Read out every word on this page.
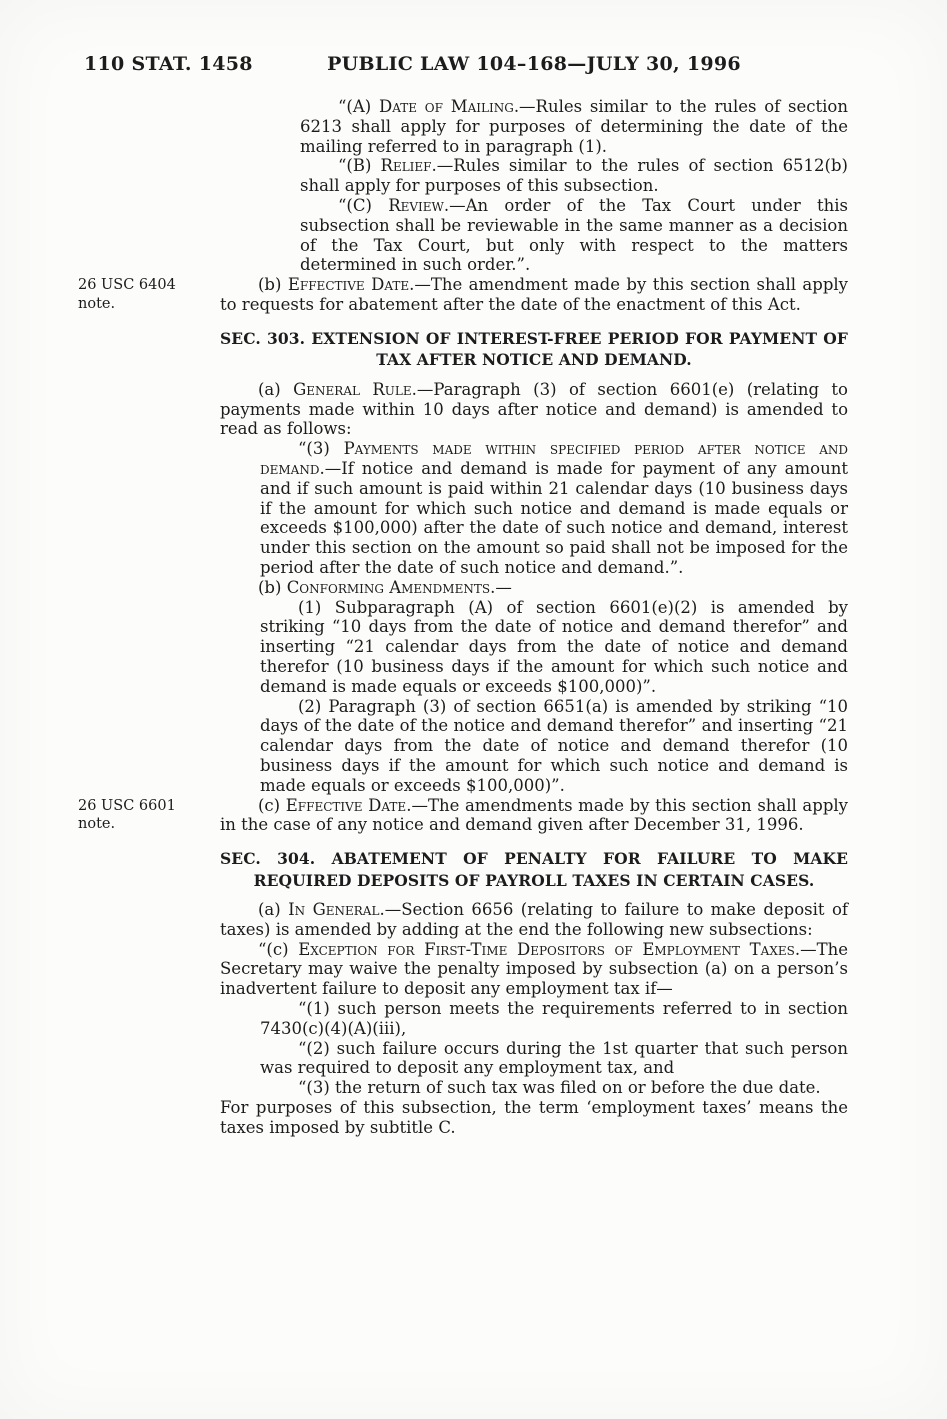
110 STAT. 1458	PUBLIC LAW 104–168—JULY 30, 1996

“(A) Date of Mailing.—Rules similar to the rules of section 6213 shall apply for purposes of determining the date of the mailing referred to in paragraph (1).

“(B) Relief.—Rules similar to the rules of section 6512(b) shall apply for purposes of this subsection.

“(C) Review.—An order of the Tax Court under this subsection shall be reviewable in the same manner as a decision of the Tax Court, but only with respect to the matters determined in such order.”.

26 USC 6404 note.
(b) Effective Date.—The amendment made by this section shall apply to requests for abatement after the date of the enactment of this Act.

SEC. 303. EXTENSION OF INTEREST-FREE PERIOD FOR PAYMENT OF TAX AFTER NOTICE AND DEMAND.

(a) General Rule.—Paragraph (3) of section 6601(e) (relating to payments made within 10 days after notice and demand) is amended to read as follows:

“(3) Payments made within specified period after notice and demand.—If notice and demand is made for payment of any amount and if such amount is paid within 21 calendar days (10 business days if the amount for which such notice and demand is made equals or exceeds $100,000) after the date of such notice and demand, interest under this section on the amount so paid shall not be imposed for the period after the date of such notice and demand.”.

(b) Conforming Amendments.—

(1) Subparagraph (A) of section 6601(e)(2) is amended by striking “10 days from the date of notice and demand therefor” and inserting “21 calendar days from the date of notice and demand therefor (10 business days if the amount for which such notice and demand is made equals or exceeds $100,000)”.

(2) Paragraph (3) of section 6651(a) is amended by striking “10 days of the date of the notice and demand therefor” and inserting “21 calendar days from the date of notice and demand therefor (10 business days if the amount for which such notice and demand is made equals or exceeds $100,000)”.

26 USC 6601 note.
(c) Effective Date.—The amendments made by this section shall apply in the case of any notice and demand given after December 31, 1996.

SEC. 304. ABATEMENT OF PENALTY FOR FAILURE TO MAKE REQUIRED DEPOSITS OF PAYROLL TAXES IN CERTAIN CASES.

(a) In General.—Section 6656 (relating to failure to make deposit of taxes) is amended by adding at the end the following new subsections:

“(c) Exception for First-Time Depositors of Employment Taxes.—The Secretary may waive the penalty imposed by subsection (a) on a person’s inadvertent failure to deposit any employment tax if—

“(1) such person meets the requirements referred to in section 7430(c)(4)(A)(iii),

“(2) such failure occurs during the 1st quarter that such person was required to deposit any employment tax, and

“(3) the return of such tax was filed on or before the due date.

For purposes of this subsection, the term ‘employment taxes’ means the taxes imposed by subtitle C.
